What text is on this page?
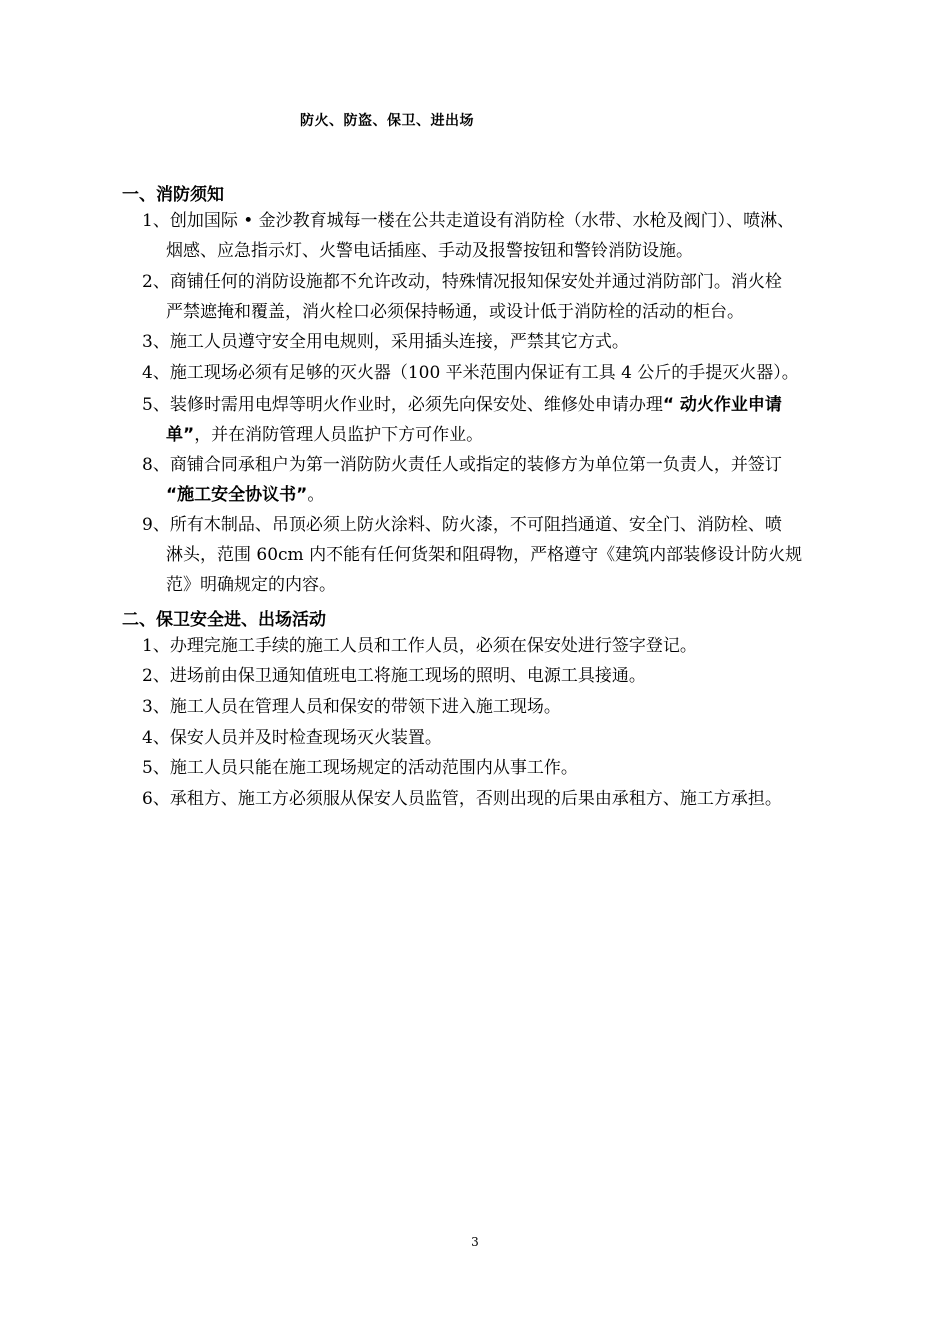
防火、防盗、保卫、进出场
一、消防须知
1、创加国际 • 金沙教育城每一楼在公共走道设有消防栓（水带、水枪及阀门）、喷淋、
烟感、应急指示灯、火警电话插座、手动及报警按钮和警铃消防设施。
2、商铺任何的消防设施都不允许改动，特殊情况报知保安处并通过消防部门。消火栓
严禁遮掩和覆盖，消火栓口必须保持畅通，或设计低于消防栓的活动的柜台。
3、施工人员遵守安全用电规则，采用插头连接，严禁其它方式。
4、施工现场必须有足够的灭火器（100 平米范围内保证有工具 4 公斤的手提灭火器）。
5、装修时需用电焊等明火作业时，必须先向保安处、维修处申请办理“ 动火作业申请
单”，并在消防管理人员监护下方可作业。
8、商铺合同承租户为第一消防防火责任人或指定的装修方为单位第一负责人，并签订
“施工安全协议书”。
9、所有木制品、吊顶必须上防火涂料、防火漆，不可阻挡通道、安全门、消防栓、喷
淋头，范围 60cm 内不能有任何货架和阻碍物，严格遵守《建筑内部装修设计防火规
范》明确规定的内容。
二、保卫安全进、出场活动
1、办理完施工手续的施工人员和工作人员，必须在保安处进行签字登记。
2、进场前由保卫通知值班电工将施工现场的照明、电源工具接通。
3、施工人员在管理人员和保安的带领下进入施工现场。
4、保安人员并及时检查现场灭火装置。
5、施工人员只能在施工现场规定的活动范围内从事工作。
6、承租方、施工方必须服从保安人员监管，否则出现的后果由承租方、施工方承担。
3
